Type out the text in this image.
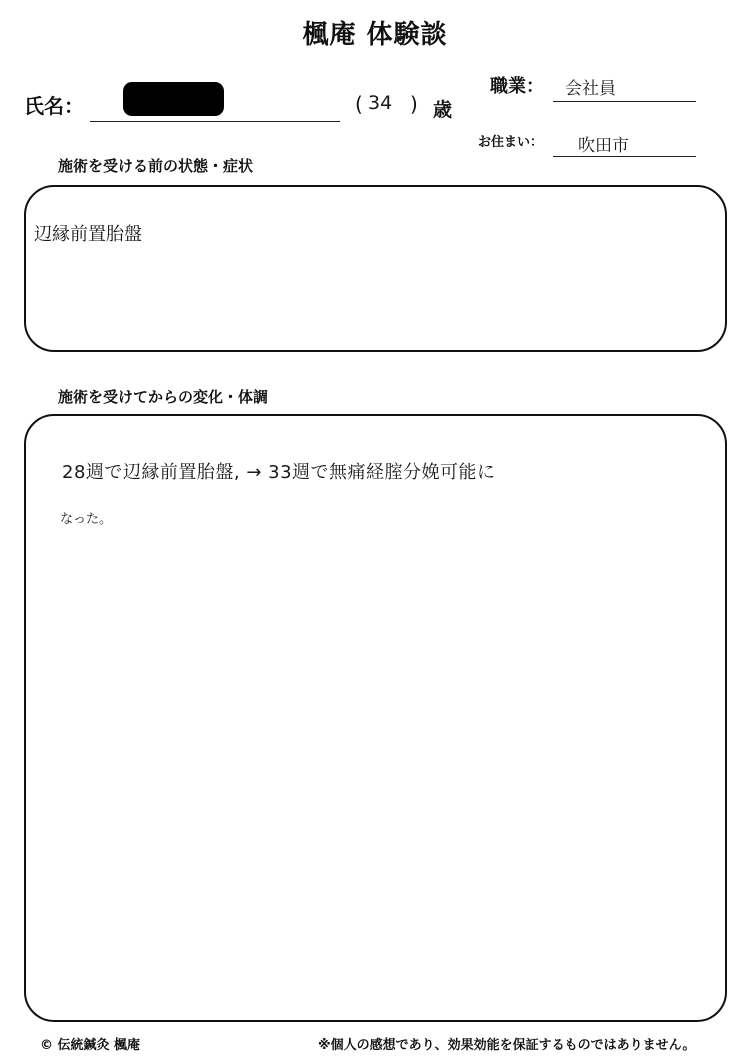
楓庵 体験談
氏名：	( 34 ) 歳
職業： 会社員
お住まい： 吹田市
施術を受ける前の状態・症状
辺縁前置胎盤
施術を受けてからの変化・体調
28週で辺縁前置胎盤, → 33週で無痛経腟分娩可能に
なった。
© 伝統鍼灸 楓庵	※個人の感想であり、効果効能を保証するものではありません。
